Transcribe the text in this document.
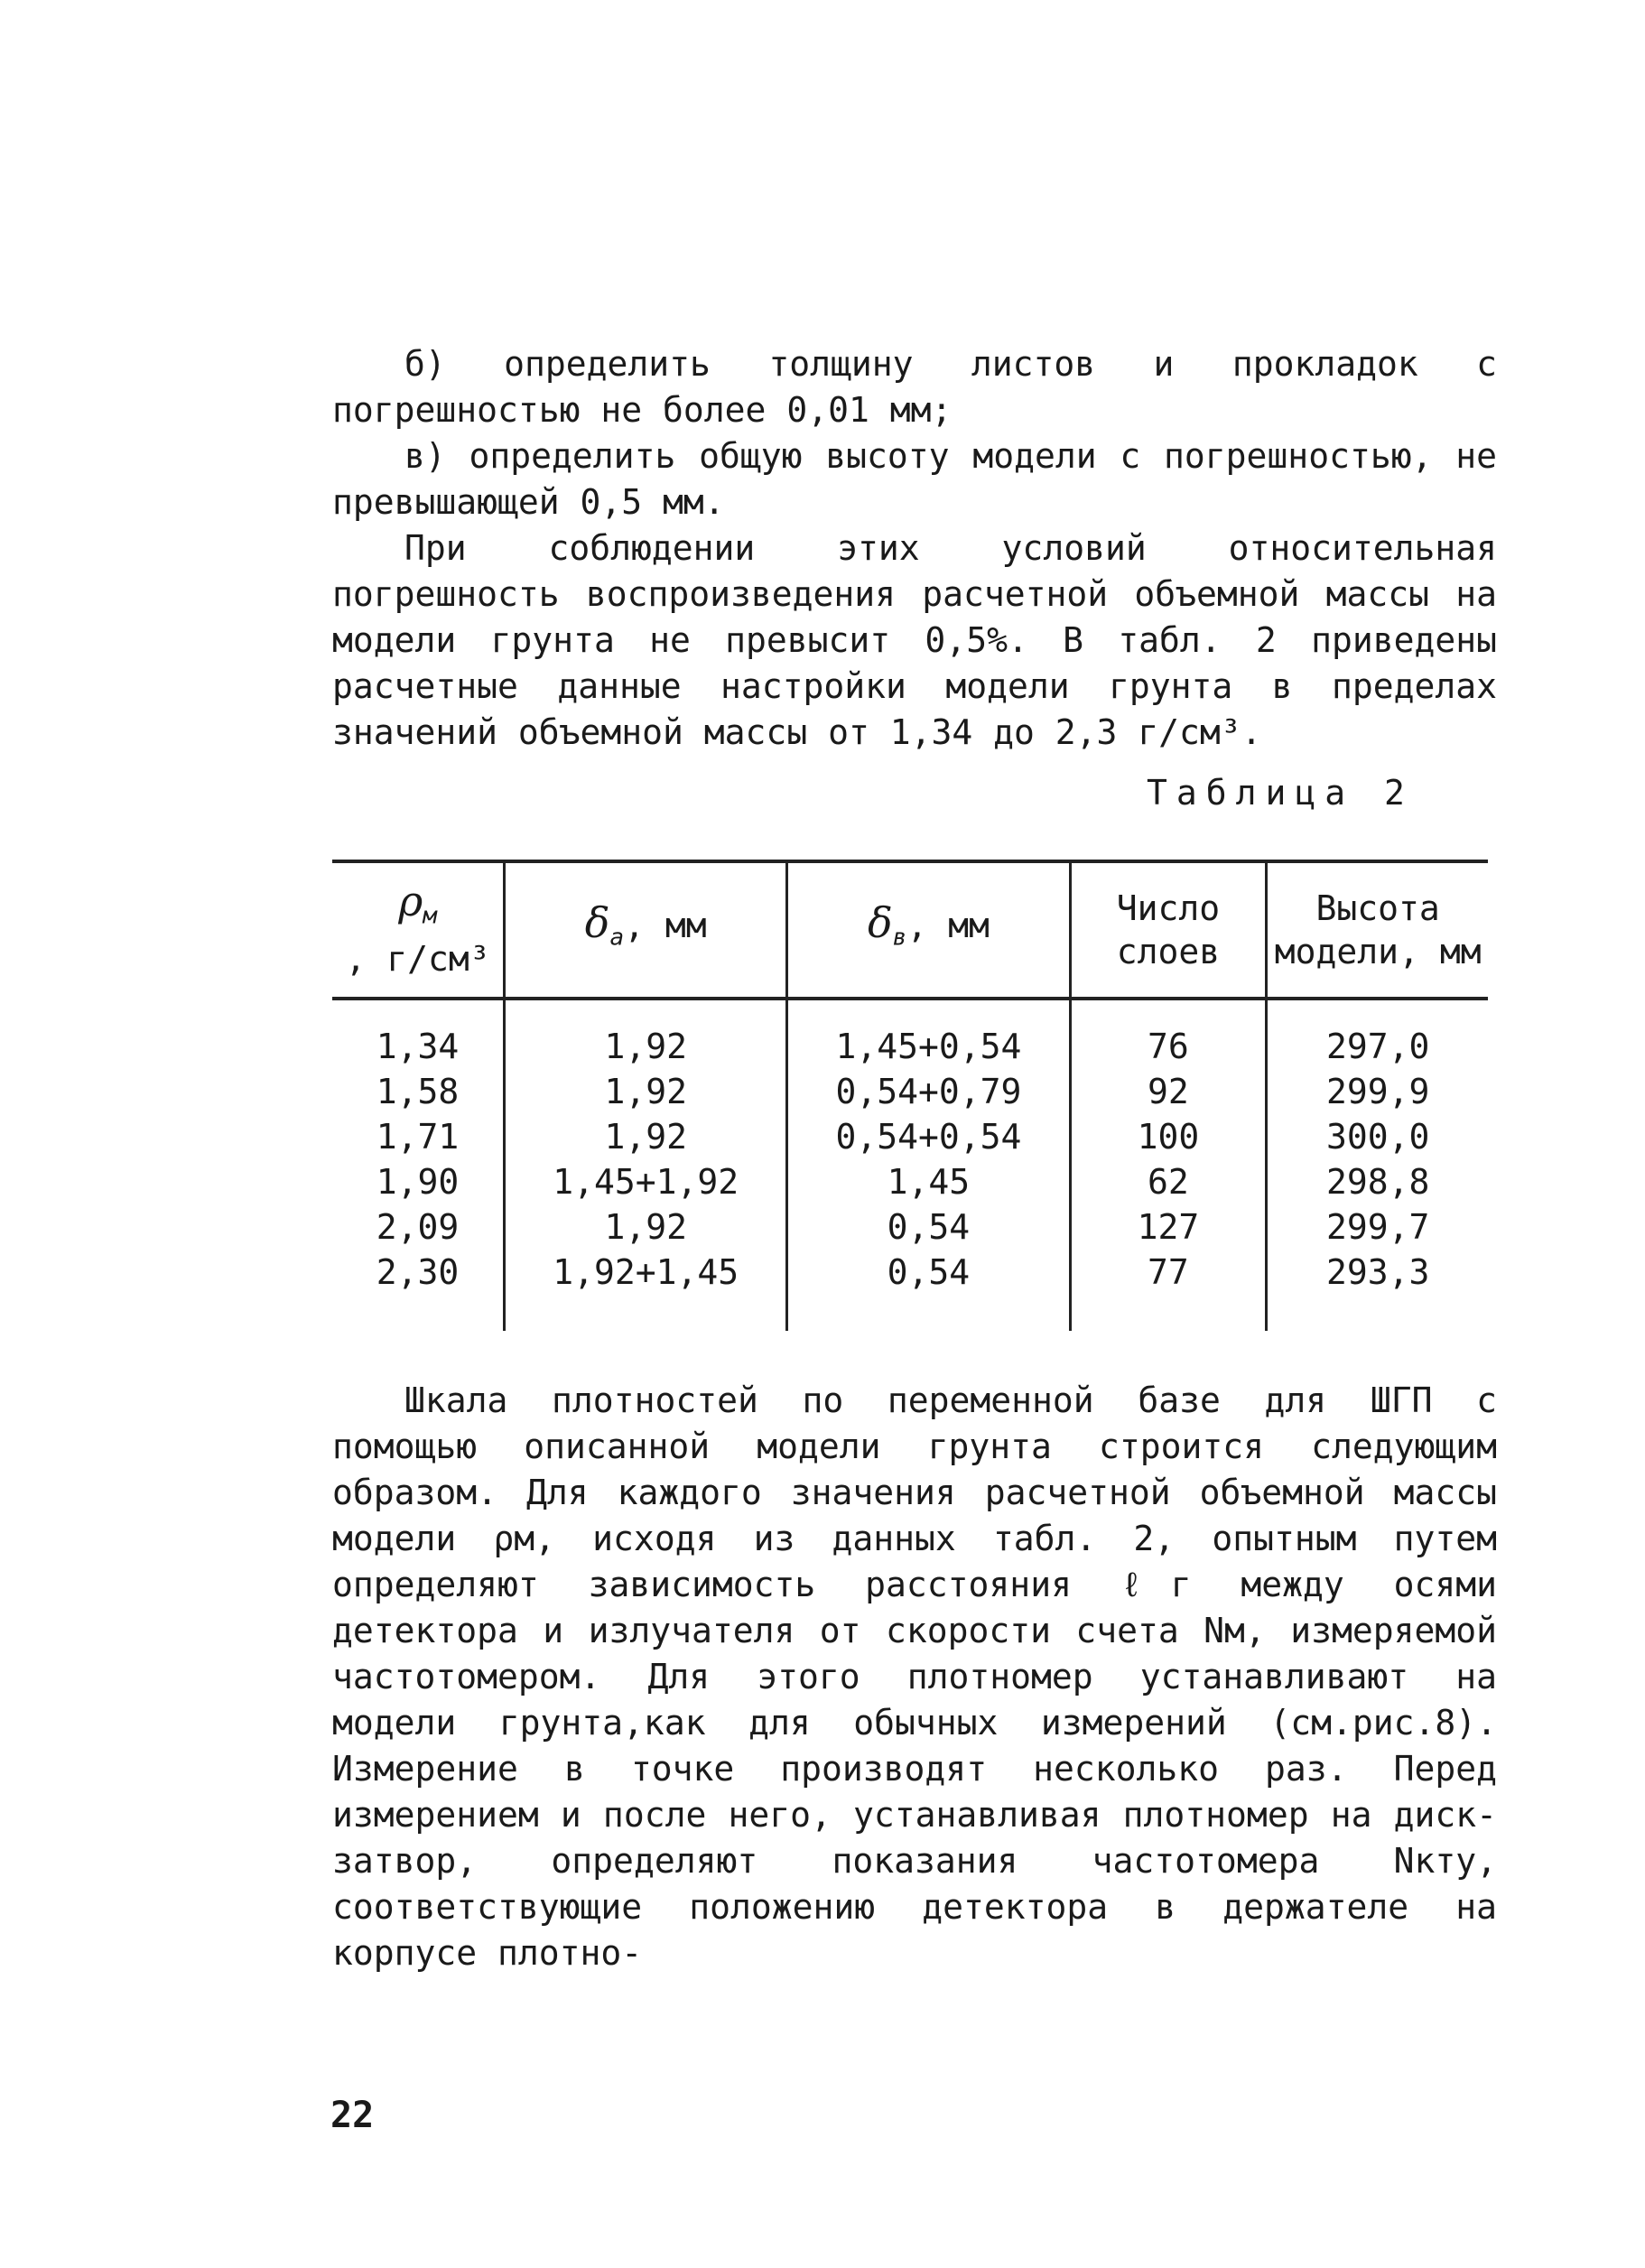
б) определить толщину листов и прокладок с погрешностью не более 0,01 мм;

в) определить общую высоту модели с погрешностью, не превышающей 0,5 мм.

При соблюдении этих условий относительная погрешность воспроизведения расчетной объемной массы на модели грунта не превысит 0,5%. В табл. 2 приведены расчетные данные настройки модели грунта в пределах значений объемной массы от 1,34 до 2,3 г/см³.

Таблица 2
$\rho_м$
, г/см³	$\delta_a$, мм	$\delta_в$, мм	Число слоев	Высота модели, мм
1,34	1,92	1,45+0,54	76	297,0
1,58	1,92	0,54+0,79	92	299,9
1,71	1,92	0,54+0,54	100	300,0
1,90	1,45+1,92	1,45	62	298,8
2,09	1,92	0,54	127	299,7
2,30	1,92+1,45	0,54	77	293,3

Шкала плотностей по переменной базе для ШГП с помощью описанной модели грунта строится следующим образом. Для каждого значения расчетной объемной массы модели ρм, исходя из данных табл. 2, опытным путем определяют зависимость расстояния ℓг между осями детектора и излучателя от скорости счета Nм, измеряемой частотомером. Для этого плотномер устанавливают на модели грунта,как для обычных измерений (см.рис.8). Измерение в точке производят несколько раз. Перед измерением и после него, устанавливая плотномер на диск-затвор, определяют показания частотомера Nкту, соответствующие положению детектора в держателе на корпусе плотно-

22
